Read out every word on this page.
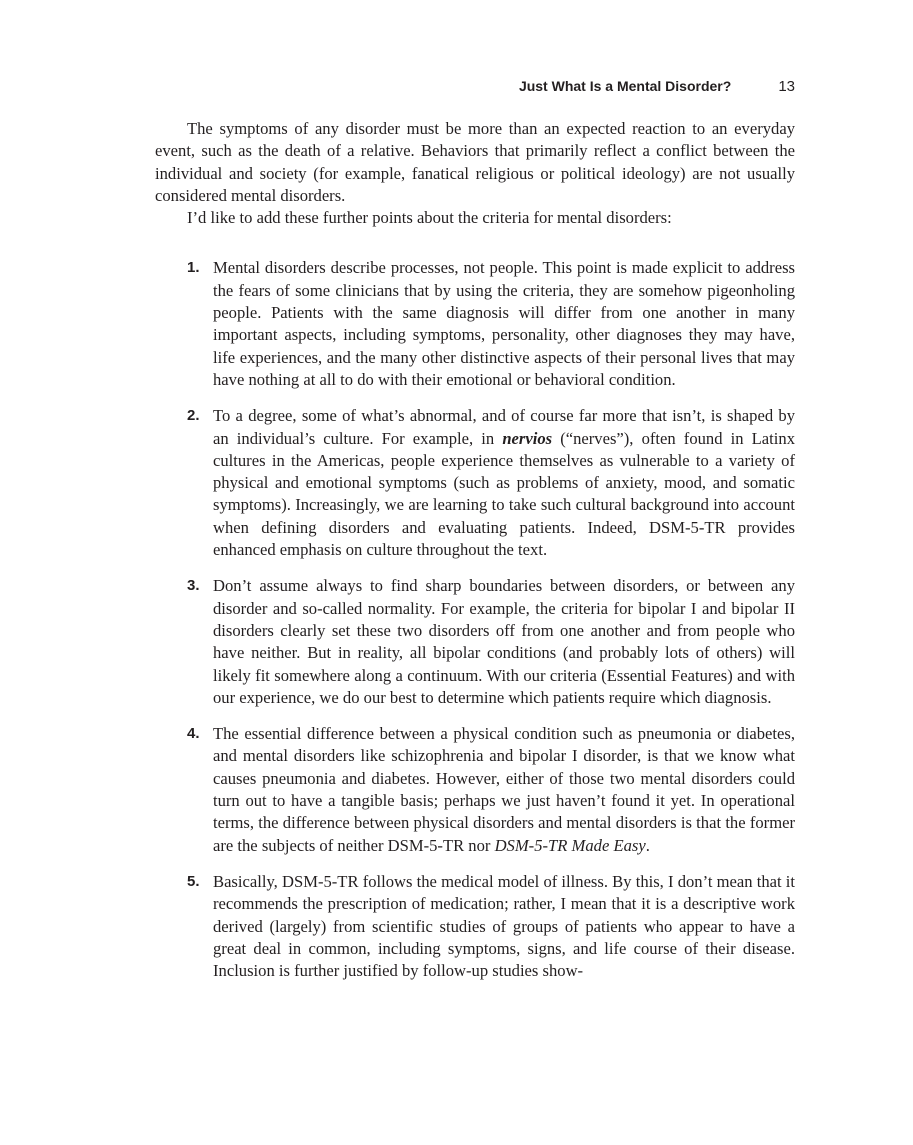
Just What Is a Mental Disorder?	13

The symptoms of any disorder must be more than an expected reaction to an everyday event, such as the death of a relative. Behaviors that primarily reflect a conflict between the individual and society (for example, fanatical religious or political ideology) are not usually considered mental disorders.

I’d like to add these further points about the criteria for mental disorders:

1. Mental disorders describe processes, not people. This point is made explicit to address the fears of some clinicians that by using the criteria, they are somehow pigeonholing people. Patients with the same diagnosis will differ from one another in many important aspects, including symptoms, personality, other diagnoses they may have, life experiences, and the many other distinctive aspects of their personal lives that may have nothing at all to do with their emotional or behavioral condition.
2. To a degree, some of what’s abnormal, and of course far more that isn’t, is shaped by an individual’s culture. For example, in nervios (“nerves”), often found in Latinx cultures in the Americas, people experience themselves as vulnerable to a variety of physical and emotional symptoms (such as problems of anxiety, mood, and somatic symptoms). Increasingly, we are learning to take such cultural background into account when defining disorders and evaluating patients. Indeed, DSM-5-TR provides enhanced emphasis on culture throughout the text.
3. Don’t assume always to find sharp boundaries between disorders, or between any disorder and so-called normality. For example, the criteria for bipolar I and bipolar II disorders clearly set these two disorders off from one another and from people who have neither. But in reality, all bipolar conditions (and probably lots of others) will likely fit somewhere along a continuum. With our criteria (Essential Features) and with our experience, we do our best to determine which patients require which diagnosis.
4. The essential difference between a physical condition such as pneumonia or diabetes, and mental disorders like schizophrenia and bipolar I disorder, is that we know what causes pneumonia and diabetes. However, either of those two mental disorders could turn out to have a tangible basis; perhaps we just haven’t found it yet. In operational terms, the difference between physical disorders and mental disorders is that the former are the subjects of neither DSM-5-TR nor DSM-5-TR Made Easy.
5. Basically, DSM-5-TR follows the medical model of illness. By this, I don’t mean that it recommends the prescription of medication; rather, I mean that it is a descriptive work derived (largely) from scientific studies of groups of patients who appear to have a great deal in common, including symptoms, signs, and life course of their disease. Inclusion is further justified by follow-up studies show-
